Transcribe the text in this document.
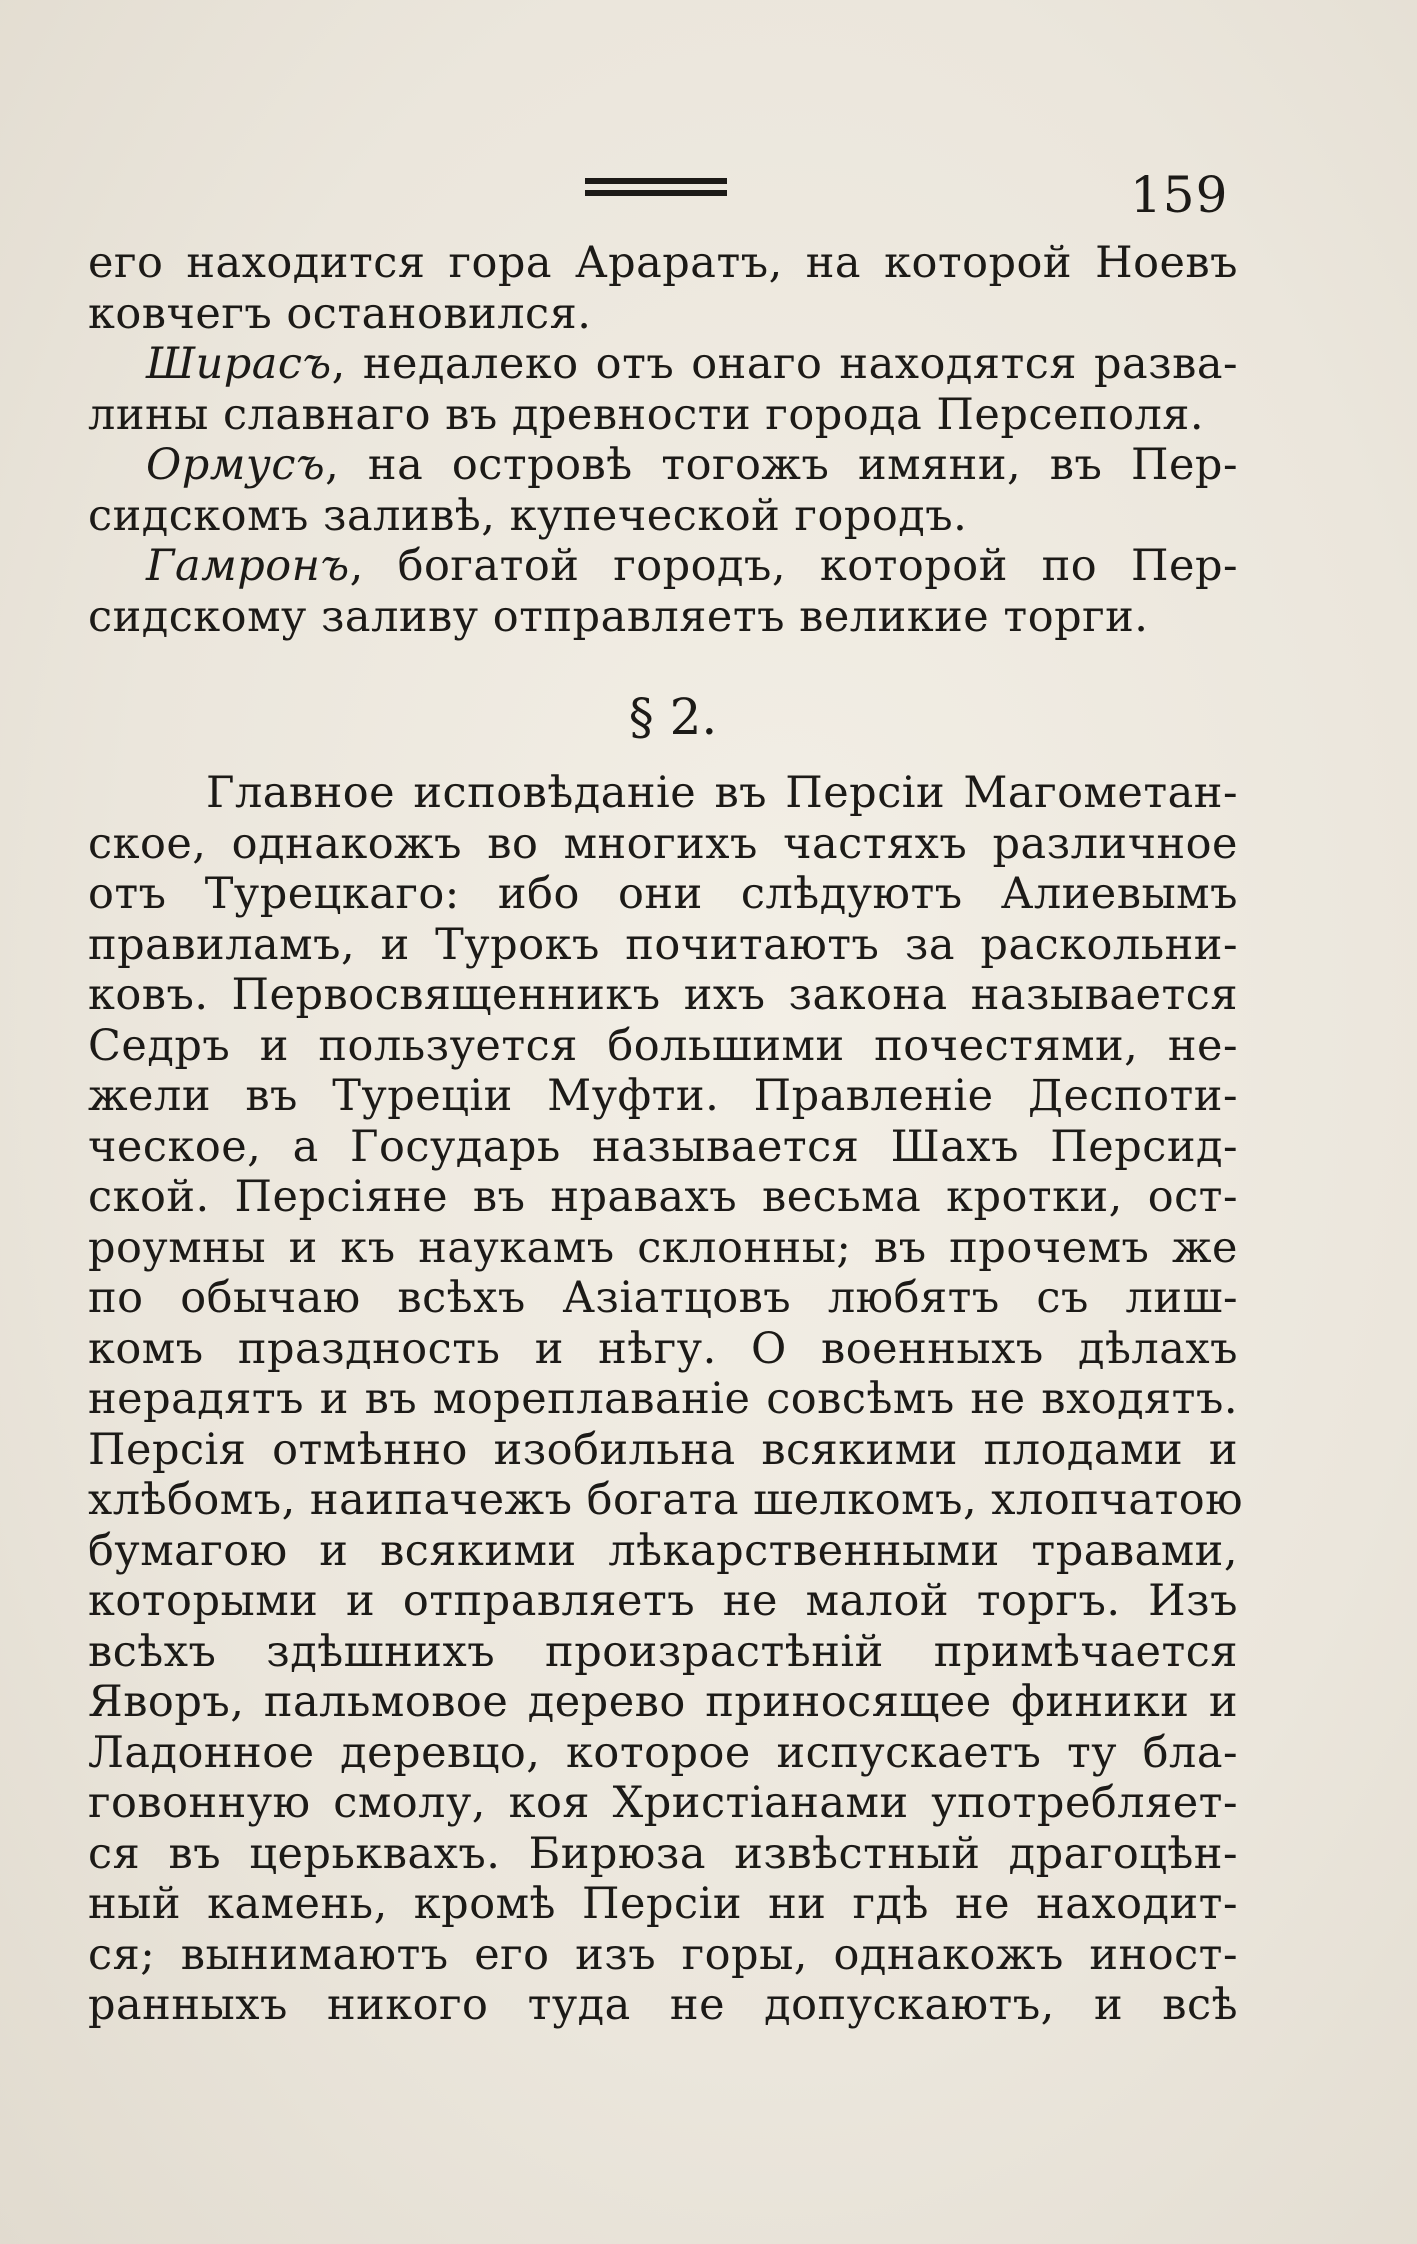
159
его находится гора Араратъ, на которой Ноевъ
ковчегъ остановился.
Ширасъ, недалеко отъ онаго находятся разва-
лины славнаго въ древности города Персеполя.
Ормусъ, на островѣ тогожъ имяни, въ Пер-
сидскомъ заливѣ, купеческой городъ.
Гамронъ, богатой городъ, которой по Пер-
сидскому заливу отправляетъ великие торги.
§ 2.
Главное исповѣданіе въ Персіи Магометан-
ское, однакожъ во многихъ частяхъ различное
отъ Турецкаго: ибо они слѣдуютъ Алиевымъ
правиламъ, и Турокъ почитаютъ за раскольни-
ковъ. Первосвященникъ ихъ закона называется
Седръ и пользуется большими почестями, не-
жели въ Турецiи Муфти. Правленіе Деспоти-
ческое, а Государь называется Шахъ Персид-
ской. Персіяне въ нравахъ весьма кротки, ост-
роумны и къ наукамъ склонны; въ прочемъ же
по обычаю всѣхъ Азіатцовъ любятъ съ лиш-
комъ праздность и нѣгу. О военныхъ дѣлахъ
нерадятъ и въ мореплаваніе совсѣмъ не входятъ.
Персія отмѣнно изобильна всякими плодами и
хлѣбомъ, наипачежъ богата шелкомъ, хлопчатою
бумагою и всякими лѣкарственными травами,
которыми и отправляетъ не малой торгъ. Изъ
всѣхъ здѣшнихъ произрастѣній примѣчается
Яворъ, пальмовое дерево приносящее финики и
Ладонное деревцо, которое испускаетъ ту бла-
говонную смолу, коя Христіанами употребляет-
ся въ церьквахъ. Бирюза извѣстный драгоцѣн-
ный камень, кромѣ Персiи ни гдѣ не находит-
ся; вынимаютъ его изъ горы, однакожъ иност-
ранныхъ никого туда не допускаютъ, и всѣ
